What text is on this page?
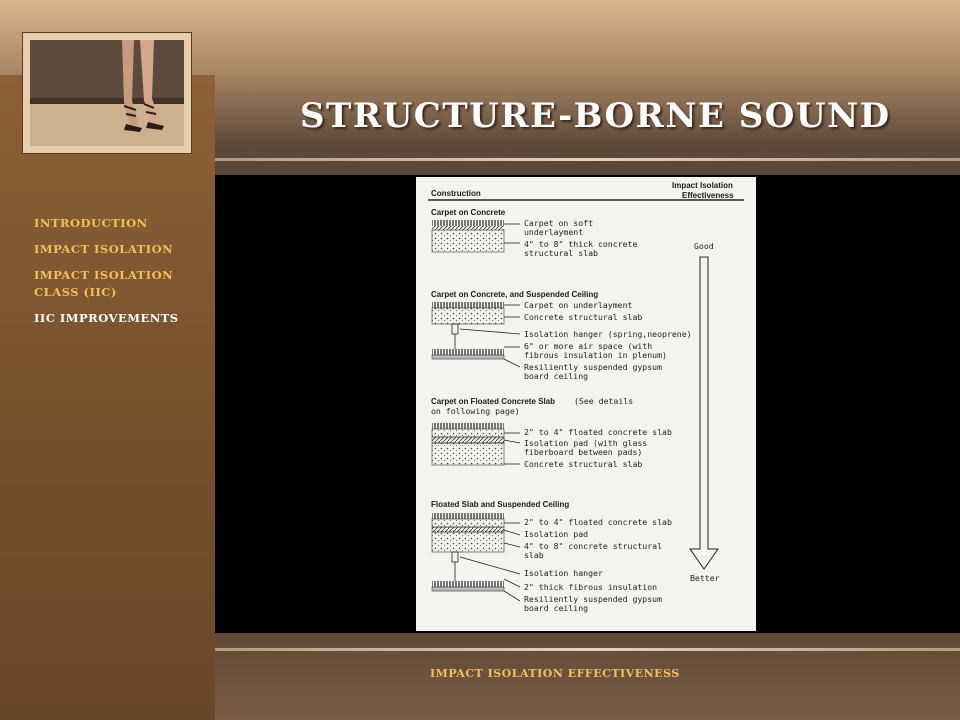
INTRODUCTION
IMPACT ISOLATION
IMPACT ISOLATION CLASS (IIC)
IIC IMPROVEMENTS
STRUCTURE-BORNE SOUND
Construction
Impact Isolation
Effectiveness
Carpet on Concrete
Carpet on soft
underlayment
4" to 8" thick concrete
structural slab
Carpet on Concrete, and Suspended Ceiling
Carpet on underlayment
Concrete structural slab
Isolation hanger (spring,neoprene)
6" or more air space (with
fibrous insulation in plenum)
Resiliently suspended gypsum
board ceiling
Carpet on Floated Concrete Slab (See details
on following page)
2" to 4" floated concrete slab
Isolation pad (with glass
fiberboard between pads)
Concrete structural slab
Floated Slab and Suspended Ceiling
2" to 4" floated concrete slab
Isolation pad
4" to 8" concrete structural
slab
Isolation hanger
2" thick fibrous insulation
Resiliently suspended gypsum
board ceiling
Good
Better
IMPACT ISOLATION EFFECTIVENESS
